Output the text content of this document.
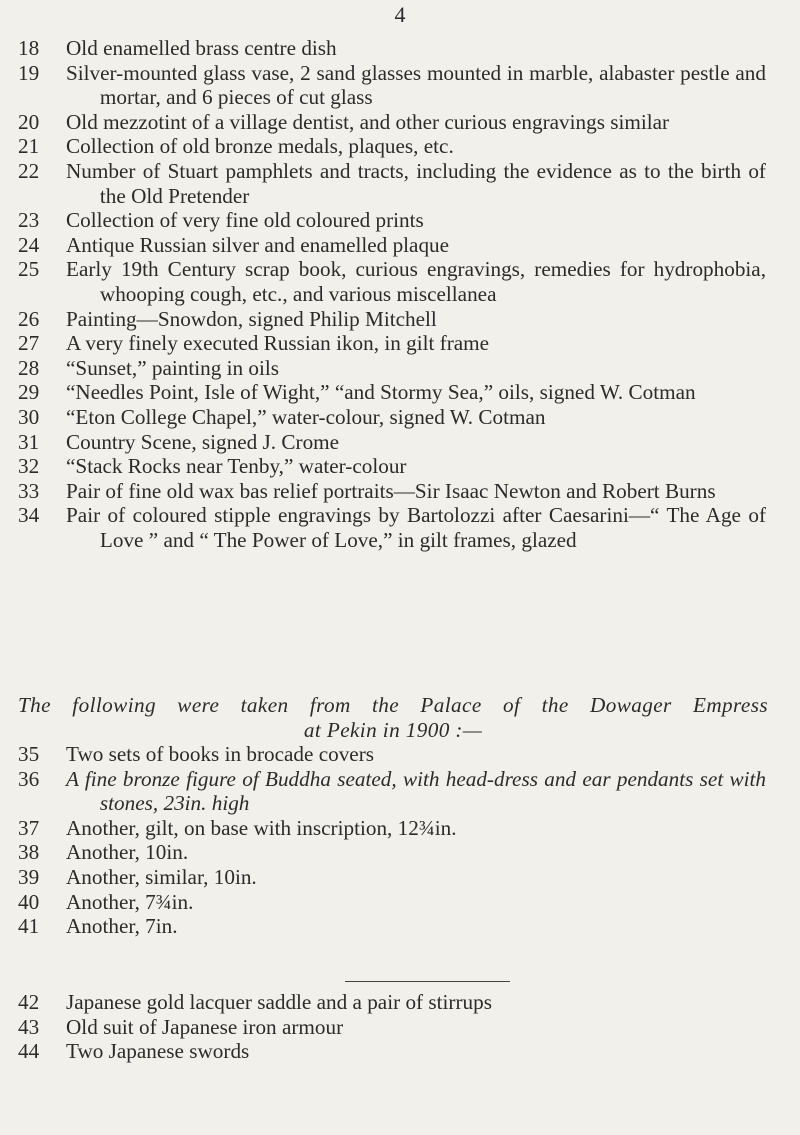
4
18	Old enamelled brass centre dish
19	Silver-mounted glass vase, 2 sand glasses mounted in marble, alabaster pestle and mortar, and 6 pieces of cut glass
20	Old mezzotint of a village dentist, and other curious engravings similar
21	Collection of old bronze medals, plaques, etc.
22	Number of Stuart pamphlets and tracts, including the evidence as to the birth of the Old Pretender
23	Collection of very fine old coloured prints
24	Antique Russian silver and enamelled plaque
25	Early 19th Century scrap book, curious engravings, remedies for hydrophobia, whooping cough, etc., and various miscellanea
26	Painting—Snowdon, signed Philip Mitchell
27	A very finely executed Russian ikon, in gilt frame
28	“Sunset,” painting in oils
29	“Needles Point, Isle of Wight,” “and Stormy Sea,” oils, signed W. Cotman
30	“Eton College Chapel,” water-colour, signed W. Cotman
31	Country Scene, signed J. Crome
32	“Stack Rocks near Tenby,” water-colour
33	Pair of fine old wax bas relief portraits—Sir Isaac Newton and Robert Burns
34	Pair of coloured stipple engravings by Bartolozzi after Caesarini—“ The Age of Love ” and “ The Power of Love,” in gilt frames, glazed
The following were taken from the Palace of the Dowager Empress
at Pekin in 1900 :—
35	Two sets of books in brocade covers
36	A fine bronze figure of Buddha seated, with head-dress and ear pendants set with stones, 23in. high
37	Another, gilt, on base with inscription, 12¾in.
38	Another, 10in.
39	Another, similar, 10in.
40	Another, 7¾in.
41	Another, 7in.
42	Japanese gold lacquer saddle and a pair of stirrups
43	Old suit of Japanese iron armour
44	Two Japanese swords
